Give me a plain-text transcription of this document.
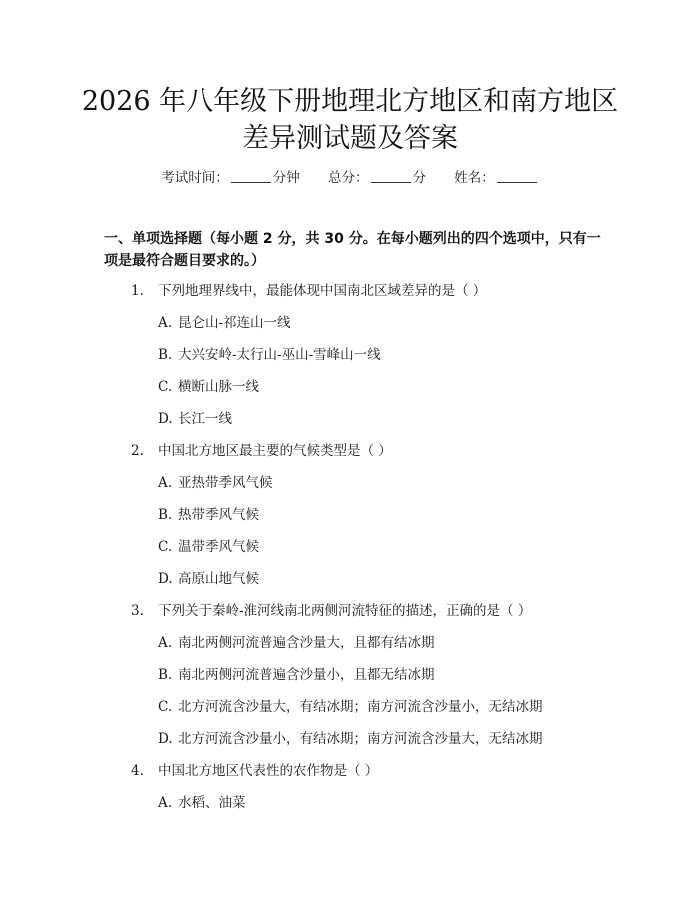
2026 年八年级下册地理北方地区和南方地区
差异测试题及答案
考试时间：	分钟 总分：	分 姓名：
一、单项选择题（每小题 2 分，共 30 分。在每小题列出的四个选项中，只有一项是最符合题目要求的。）
1. 下列地理界线中，最能体现中国南北区域差异的是（ ）
A. 昆仑山-祁连山一线
B. 大兴安岭-太行山-巫山-雪峰山一线
C. 横断山脉一线
D. 长江一线
2. 中国北方地区最主要的气候类型是（ ）
A. 亚热带季风气候
B. 热带季风气候
C. 温带季风气候
D. 高原山地气候
3. 下列关于秦岭-淮河线南北两侧河流特征的描述，正确的是（ ）
A. 南北两侧河流普遍含沙量大，且都有结冰期
B. 南北两侧河流普遍含沙量小，且都无结冰期
C. 北方河流含沙量大，有结冰期；南方河流含沙量小，无结冰期
D. 北方河流含沙量小，有结冰期；南方河流含沙量大，无结冰期
4. 中国北方地区代表性的农作物是（ ）
A. 水稻、油菜
